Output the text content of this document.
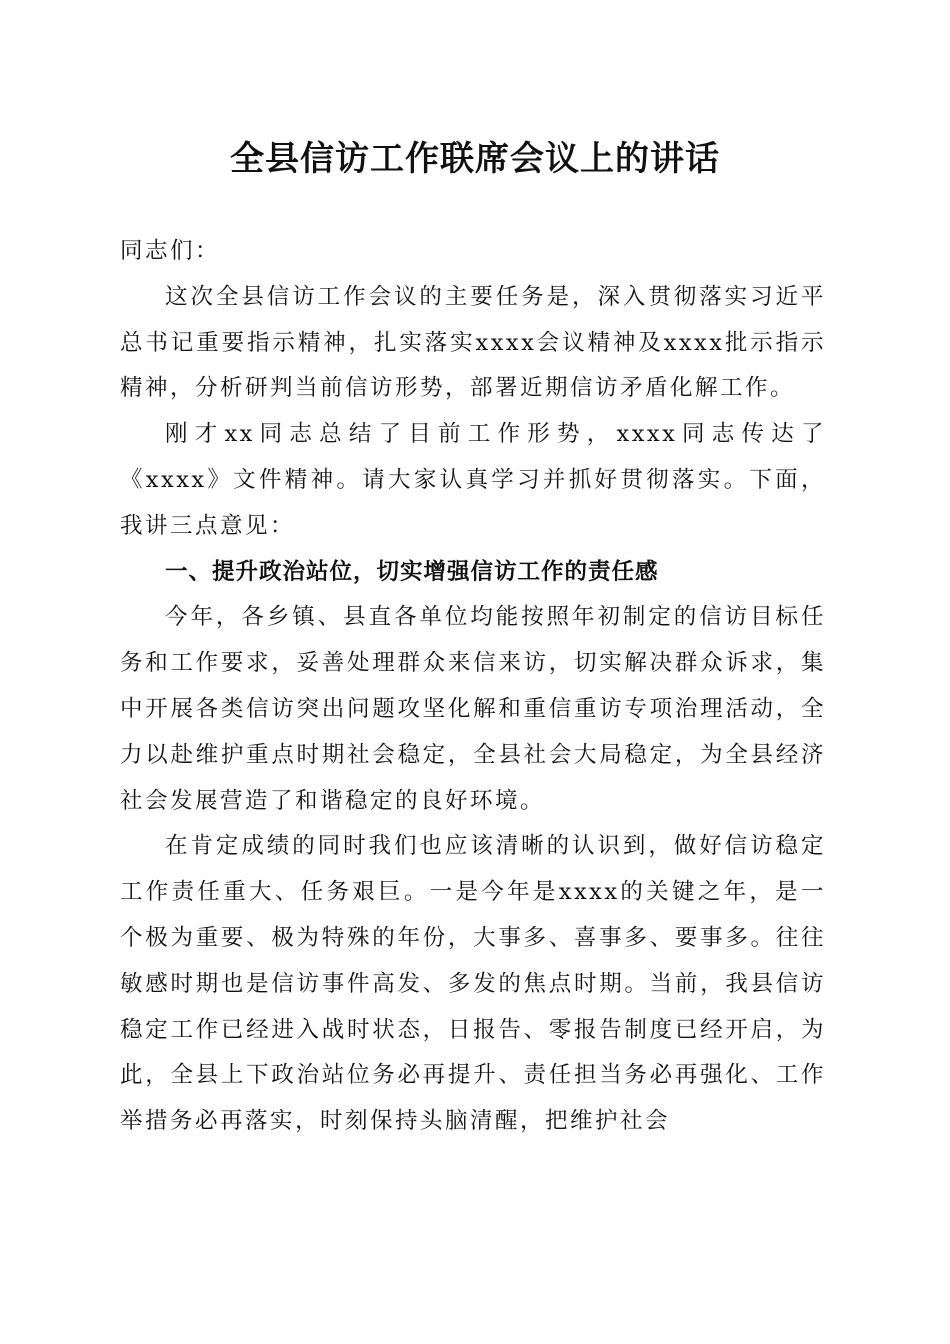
全县信访工作联席会议上的讲话

同志们：

这次全县信访工作会议的主要任务是，深入贯彻落实习近平总书记重要指示精神，扎实落实xxxx会议精神及xxxx批示指示精神，分析研判当前信访形势，部署近期信访矛盾化解工作。

刚才xx同志总结了目前工作形势，xxxx同志传达了《xxxx》文件精神。请大家认真学习并抓好贯彻落实。下面，我讲三点意见：

一、提升政治站位，切实增强信访工作的责任感

今年，各乡镇、县直各单位均能按照年初制定的信访目标任务和工作要求，妥善处理群众来信来访，切实解决群众诉求，集中开展各类信访突出问题攻坚化解和重信重访专项治理活动，全力以赴维护重点时期社会稳定，全县社会大局稳定，为全县经济社会发展营造了和谐稳定的良好环境。

在肯定成绩的同时我们也应该清晰的认识到，做好信访稳定工作责任重大、任务艰巨。一是今年是xxxx的关键之年，是一个极为重要、极为特殊的年份，大事多、喜事多、要事多。往往敏感时期也是信访事件高发、多发的焦点时期。当前，我县信访稳定工作已经进入战时状态，日报告、零报告制度已经开启，为此，全县上下政治站位务必再提升、责任担当务必再强化、工作举措务必再落实，时刻保持头脑清醒，把维护社会
